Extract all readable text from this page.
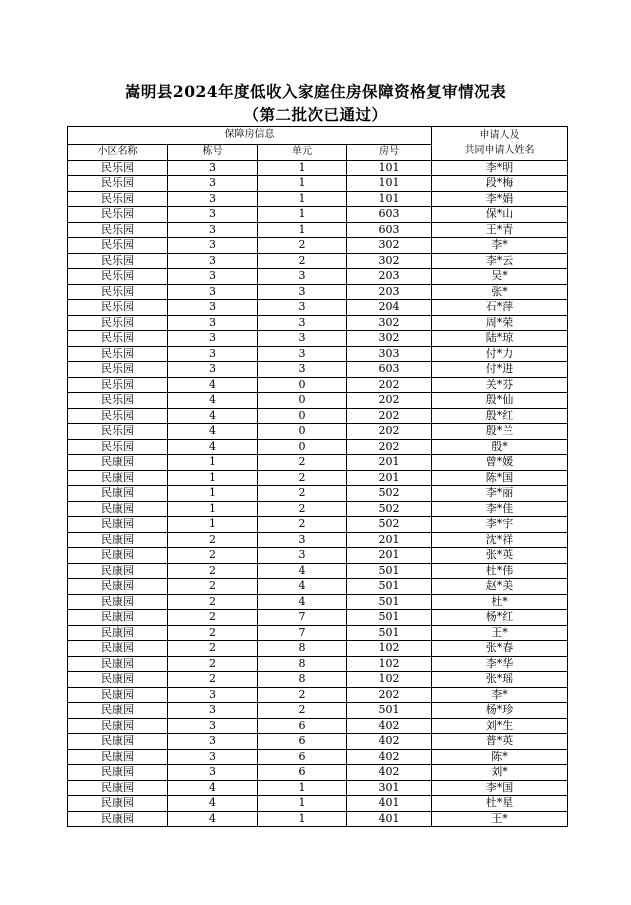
嵩明县2024年度低收入家庭住房保障资格复审情况表
（第二批次已通过）
保障房信息				申请人及
共同申请人姓名
小区名称	栋号	单元	房号	
民乐园	3	1	101	李*明
民乐园	3	1	101	段*梅
民乐园	3	1	101	李*娟
民乐园	3	1	603	保*山
民乐园	3	1	603	王*青
民乐园	3	2	302	李*
民乐园	3	2	302	李*云
民乐园	3	3	203	吴*
民乐园	3	3	203	张*
民乐园	3	3	204	石*萍
民乐园	3	3	302	周*荣
民乐园	3	3	302	陆*琼
民乐园	3	3	303	付*力
民乐园	3	3	603	付*进
民乐园	4	0	202	关*芬
民乐园	4	0	202	殷*仙
民乐园	4	0	202	殷*红
民乐园	4	0	202	殷*兰
民乐园	4	0	202	殷*
民康园	1	2	201	曾*媛
民康园	1	2	201	陈*国
民康园	1	2	502	李*丽
民康园	1	2	502	李*佳
民康园	1	2	502	李*宇
民康园	2	3	201	沈*祥
民康园	2	3	201	张*英
民康园	2	4	501	杜*伟
民康园	2	4	501	赵*美
民康园	2	4	501	杜*
民康园	2	7	501	杨*红
民康园	2	7	501	王*
民康园	2	8	102	张*春
民康园	2	8	102	李*华
民康园	2	8	102	张*瑶
民康园	3	2	202	李*
民康园	3	2	501	杨*珍
民康园	3	6	402	刘*生
民康园	3	6	402	普*英
民康园	3	6	402	陈*
民康园	3	6	402	刘*
民康园	4	1	301	李*国
民康园	4	1	401	杜*星
民康园	4	1	401	王*
